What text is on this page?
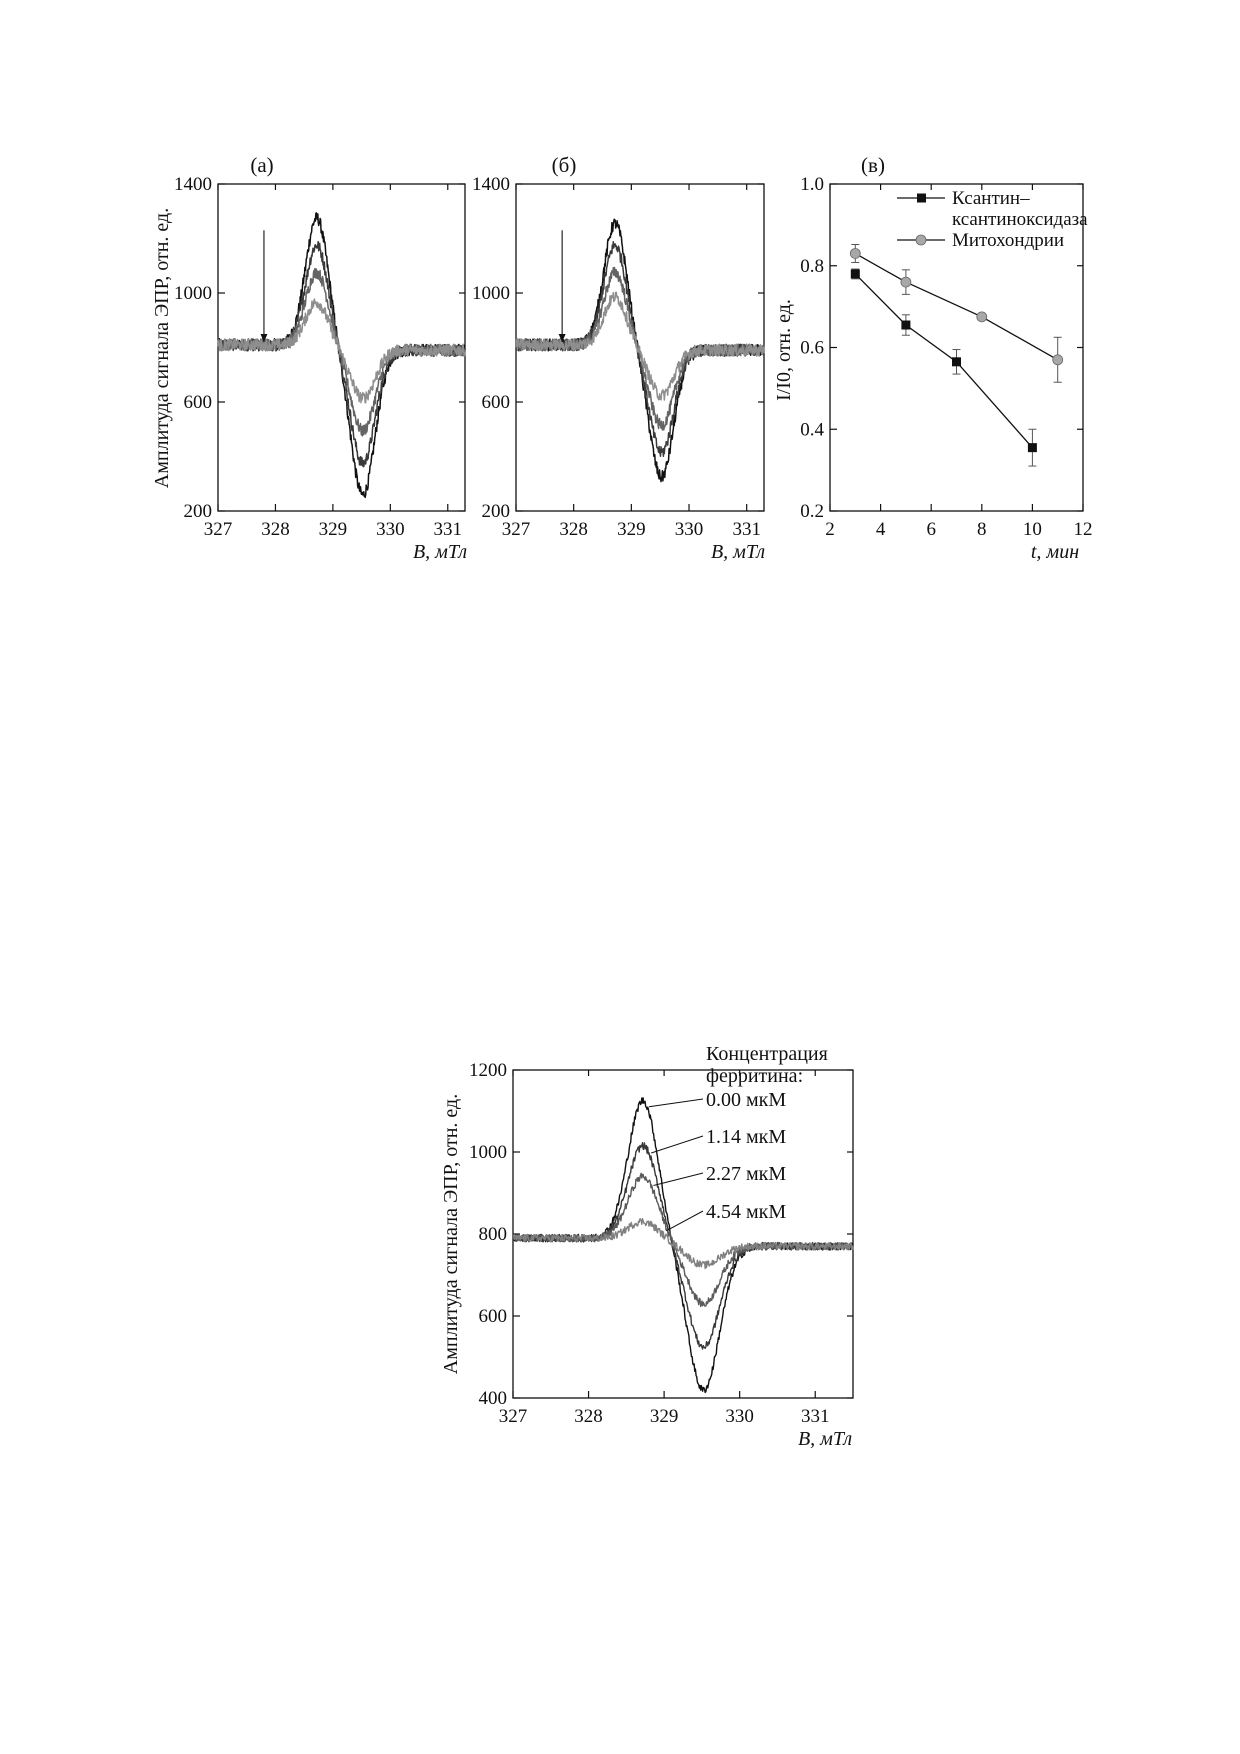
(а)
327 328 329 330 331
200
600
1000
1400
B, мТл
Амплитуда сигнала ЭПР, отн. ед.
(б)
327 328 329 330 331
200
600
1000
1400
B, мТл
(в)
2 4 6 8 10 12
0.2
0.4
0.6
0.8
1.0
Ксантин–
ксантиноксидаза
Митохондрии
t, мин
I/I0, отн. ед.
327 328 329 330 331
400
600
800
1000
1200
Концентрация
ферритина:
0.00 мкМ
1.14 мкМ
2.27 мкМ
4.54 мкМ
B, мТл
Амплитуда сигнала ЭПР, отн. ед.
